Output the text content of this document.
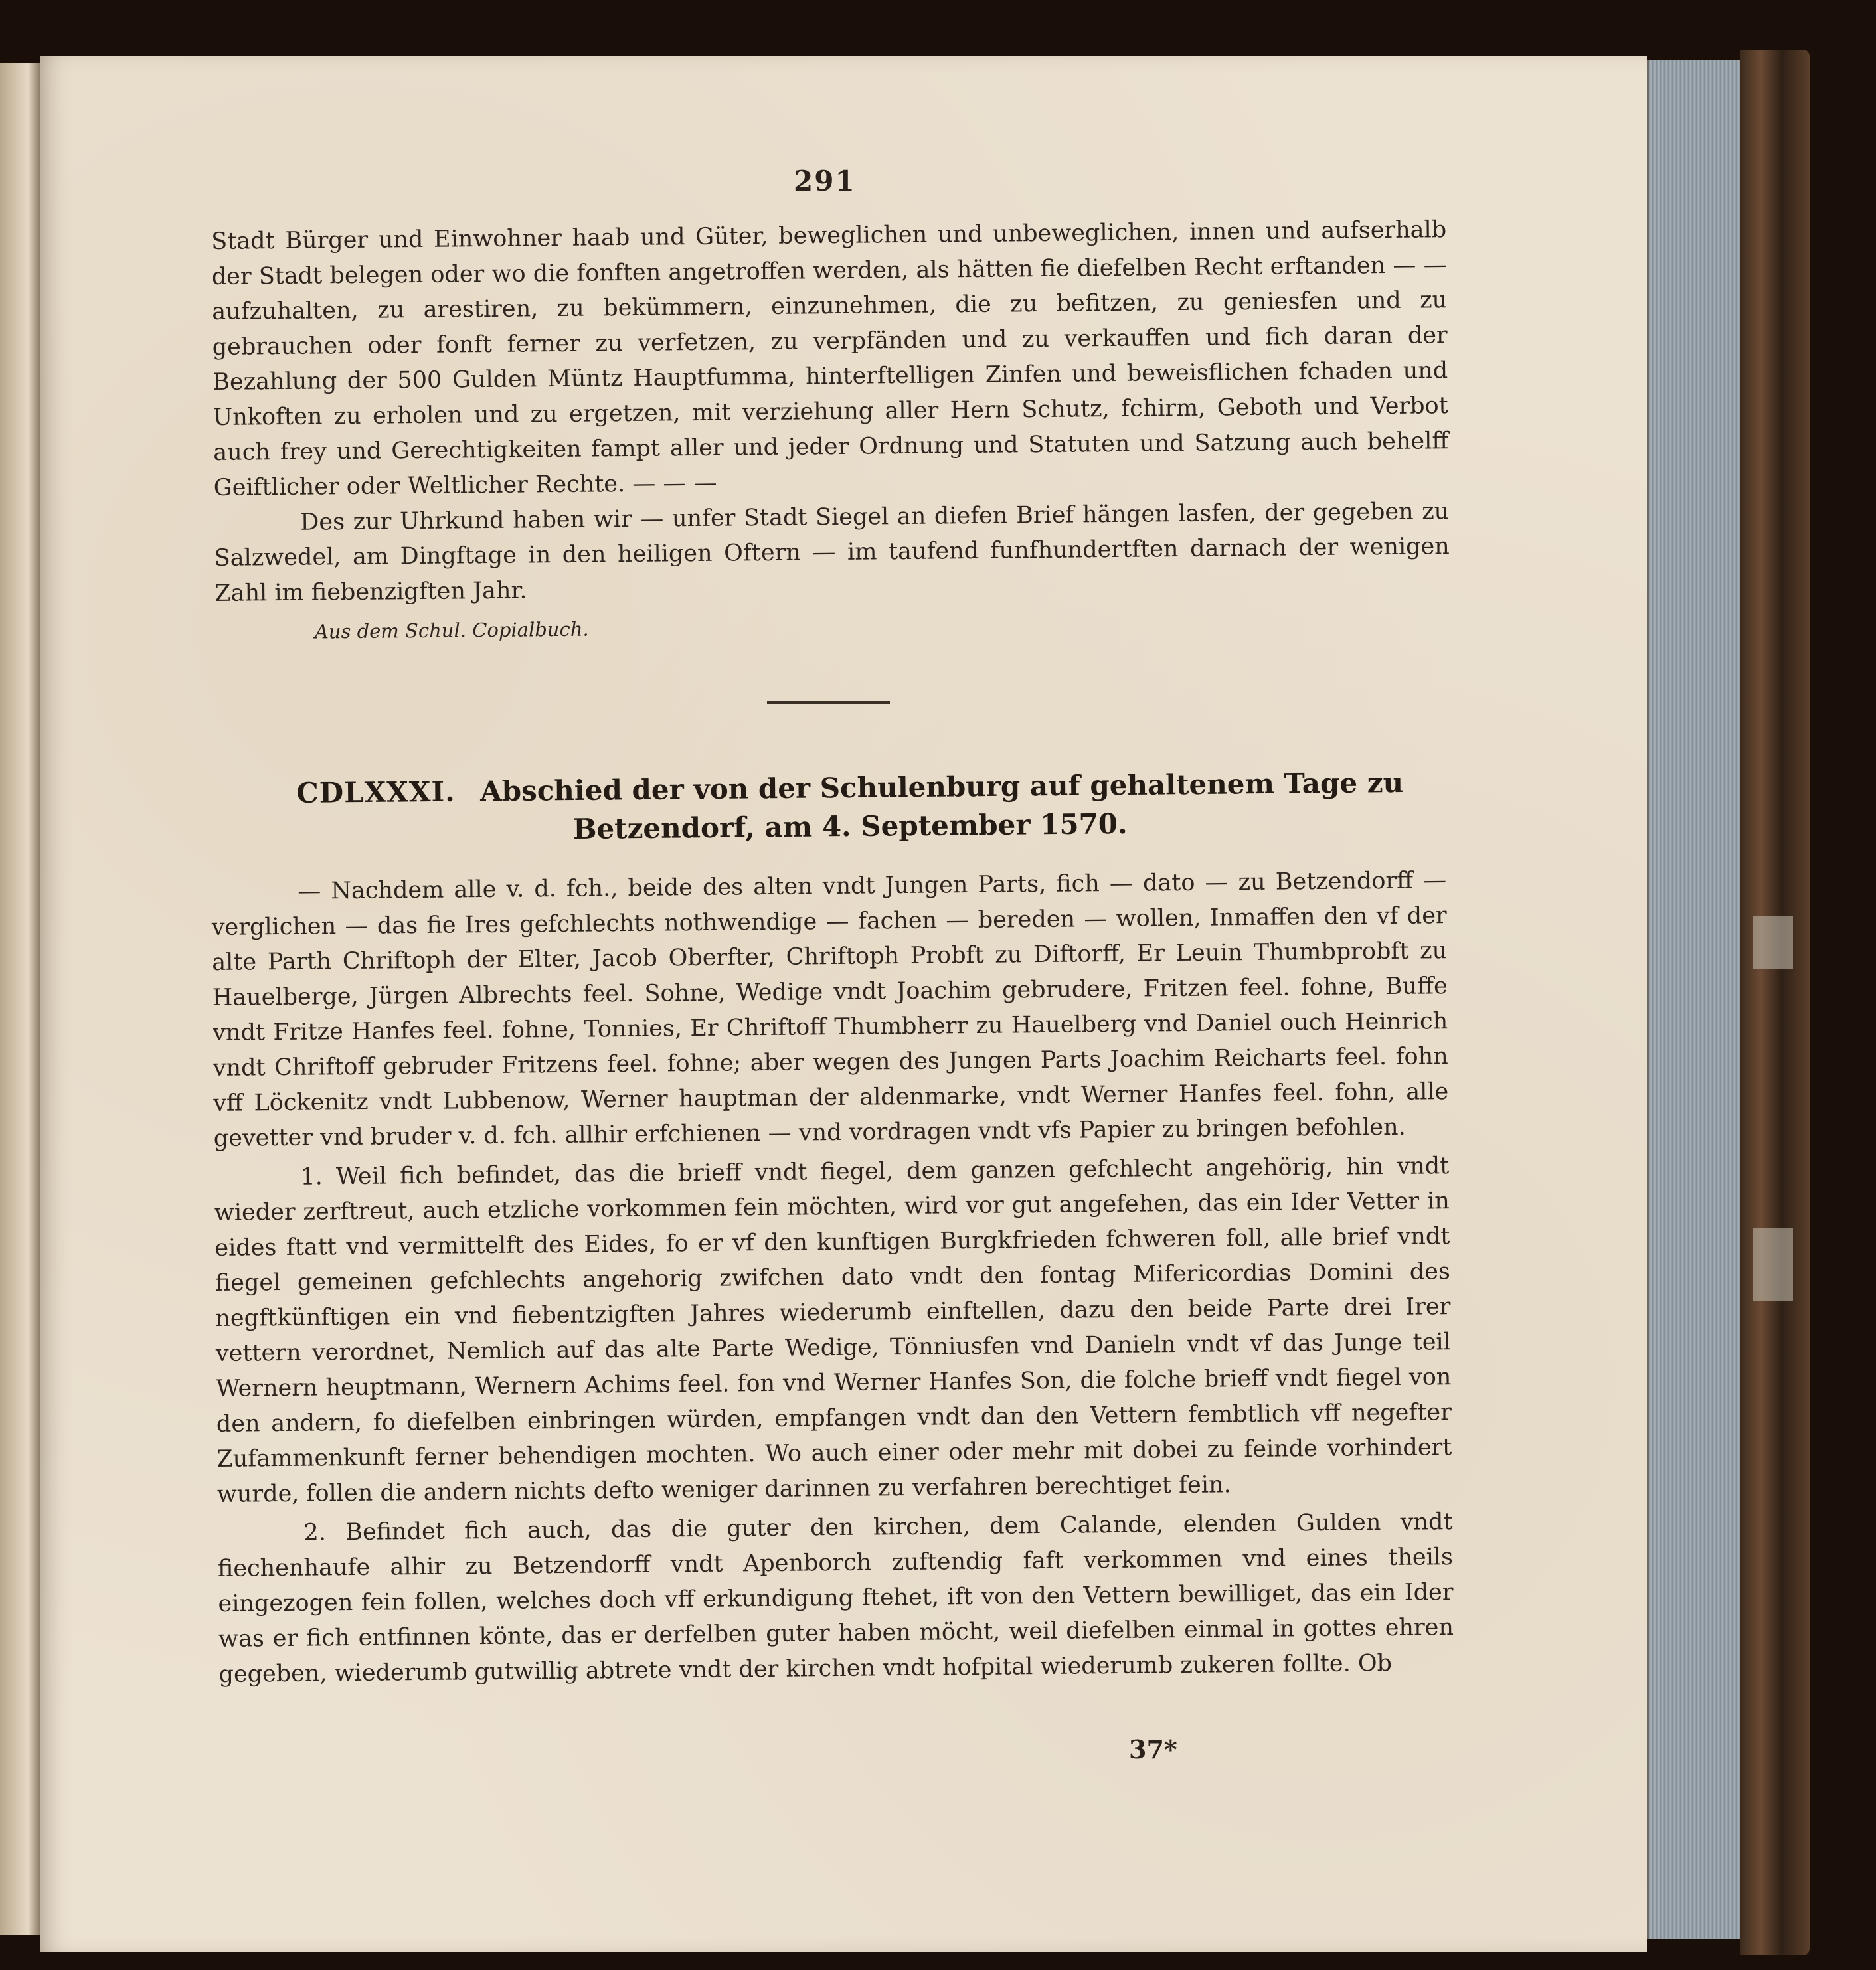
291

Stadt Bürger und Einwohner haab und Güter, beweglichen und unbeweglichen, innen und aufserhalb der Stadt belegen oder wo die fonften angetroffen werden, als hätten fie diefelben Recht erftanden — — aufzuhalten, zu arestiren, zu bekümmern, einzunehmen, die zu befitzen, zu geniesfen und zu gebrauchen oder fonft ferner zu verfetzen, zu verpfänden und zu verkauffen und fich daran der Bezahlung der 500 Gulden Müntz Hauptfumma, hinterftelligen Zinfen und beweisflichen fchaden und Unkoften zu erholen und zu ergetzen, mit verziehung aller Hern Schutz, fchirm, Geboth und Verbot auch frey und Gerechtigkeiten fampt aller und jeder Ordnung und Statuten und Satzung auch behelff Geiftlicher oder Weltlicher Rechte. — — —

Des zur Uhrkund haben wir — unfer Stadt Siegel an diefen Brief hängen lasfen, der gegeben zu Salzwedel, am Dingftage in den heiligen Oftern — im taufend funfhundertften darnach der wenigen Zahl im fiebenzigften Jahr.

Aus dem Schul. Copialbuch.

CDLXXXI. Abschied der von der Schulenburg auf gehaltenem Tage zu Betzendorf, am 4. September 1570.

— Nachdem alle v. d. fch., beide des alten vndt Jungen Parts, fich — dato — zu Betzendorff — verglichen — das fie Ires gefchlechts nothwendige — fachen — bereden — wollen, Inmaffen den vf der alte Parth Chriftoph der Elter, Jacob Oberfter, Chriftoph Probft zu Diftorff, Er Leuin Thumbprobft zu Hauelberge, Jürgen Albrechts feel. Sohne, Wedige vndt Joachim gebrudere, Fritzen feel. fohne, Buffe vndt Fritze Hanfes feel. fohne, Tonnies, Er Chriftoff Thumbherr zu Hauelberg vnd Daniel ouch Heinrich vndt Chriftoff gebruder Fritzens feel. fohne; aber wegen des Jungen Parts Joachim Reicharts feel. fohn vff Löckenitz vndt Lubbenow, Werner hauptman der aldenmarke, vndt Werner Hanfes feel. fohn, alle gevetter vnd bruder v. d. fch. allhir erfchienen — vnd vordragen vndt vfs Papier zu bringen befohlen.

1. Weil fich befindet, das die brieff vndt fiegel, dem ganzen gefchlecht angehörig, hin vndt wieder zerftreut, auch etzliche vorkommen fein möchten, wird vor gut angefehen, das ein Ider Vetter in eides ftatt vnd vermittelft des Eides, fo er vf den kunftigen Burgkfrieden fchweren foll, alle brief vndt fiegel gemeinen gefchlechts angehorig zwifchen dato vndt den fontag Mifericordias Domini des negftkünftigen ein vnd fiebentzigften Jahres wiederumb einftellen, dazu den beide Parte drei Irer vettern verordnet, Nemlich auf das alte Parte Wedige, Tönniusfen vnd Danieln vndt vf das Junge teil Wernern heuptmann, Wernern Achims feel. fon vnd Werner Hanfes Son, die folche brieff vndt fiegel von den andern, fo diefelben einbringen würden, empfangen vndt dan den Vettern fembtlich vff negefter Zufammenkunft ferner behendigen mochten. Wo auch einer oder mehr mit dobei zu feinde vorhindert wurde, follen die andern nichts defto weniger darinnen zu verfahren berechtiget fein.

2. Befindet fich auch, das die guter den kirchen, dem Calande, elenden Gulden vndt fiechenhaufe alhir zu Betzendorff vndt Apenborch zuftendig faft verkommen vnd eines theils eingezogen fein follen, welches doch vff erkundigung ftehet, ift von den Vettern bewilliget, das ein Ider was er fich entfinnen könte, das er derfelben guter haben möcht, weil diefelben einmal in gottes ehren gegeben, wiederumb gutwillig abtrete vndt der kirchen vndt hofpital wiederumb zukeren follte. Ob

37*
